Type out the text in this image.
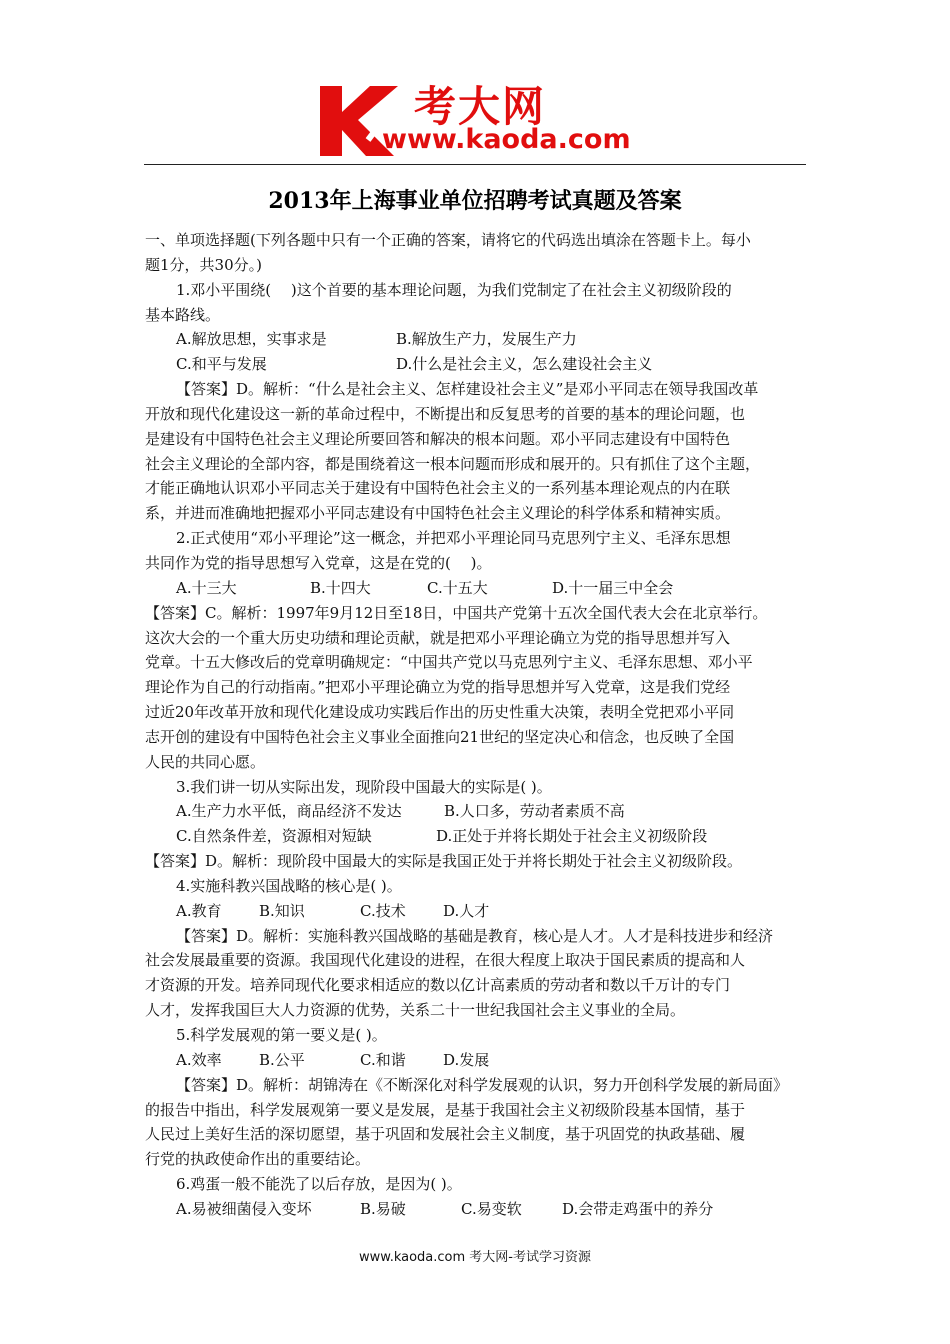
考大网
www.kaoda.com
2013年上海事业单位招聘考试真题及答案
一、单项选择题(下列各题中只有一个正确的答案，请将它的代码选出填涂在答题卡上。每小
题1分，共30分。)
1.邓小平围绕(　 )这个首要的基本理论问题，为我们党制定了在社会主义初级阶段的
基本路线。
A.解放思想，实事求是	B.解放生产力，发展生产力
C.和平与发展	D.什么是社会主义，怎么建设社会主义
【答案】D。解析：“什么是社会主义、怎样建设社会主义”是邓小平同志在领导我国改革
开放和现代化建设这一新的革命过程中，不断提出和反复思考的首要的基本的理论问题，也
是建设有中国特色社会主义理论所要回答和解决的根本问题。邓小平同志建设有中国特色
社会主义理论的全部内容，都是围绕着这一根本问题而形成和展开的。只有抓住了这个主题，
才能正确地认识邓小平同志关于建设有中国特色社会主义的一系列基本理论观点的内在联
系，并进而准确地把握邓小平同志建设有中国特色社会主义理论的科学体系和精神实质。
2.正式使用“邓小平理论”这一概念，并把邓小平理论同马克思列宁主义、毛泽东思想
共同作为党的指导思想写入党章，这是在党的(　 )。
A.十三大	B.十四大	C.十五大	D.十一届三中全会
【答案】C。解析：1997年9月12日至18日，中国共产党第十五次全国代表大会在北京举行。
这次大会的一个重大历史功绩和理论贡献，就是把邓小平理论确立为党的指导思想并写入
党章。十五大修改后的党章明确规定：“中国共产党以马克思列宁主义、毛泽东思想、邓小平
理论作为自己的行动指南。”把邓小平理论确立为党的指导思想并写入党章，这是我们党经
过近20年改革开放和现代化建设成功实践后作出的历史性重大决策，表明全党把邓小平同
志开创的建设有中国特色社会主义事业全面推向21世纪的坚定决心和信念，也反映了全国
人民的共同心愿。
3.我们讲一切从实际出发，现阶段中国最大的实际是( )。
A.生产力水平低，商品经济不发达	B.人口多，劳动者素质不高
C.自然条件差，资源相对短缺	D.正处于并将长期处于社会主义初级阶段
【答案】D。解析：现阶段中国最大的实际是我国正处于并将长期处于社会主义初级阶段。
4.实施科教兴国战略的核心是( )。
A.教育 B.知识	C.技术 D.人才
【答案】D。解析：实施科教兴国战略的基础是教育，核心是人才。人才是科技进步和经济
社会发展最重要的资源。我国现代化建设的进程，在很大程度上取决于国民素质的提高和人
才资源的开发。培养同现代化要求相适应的数以亿计高素质的劳动者和数以千万计的专门
人才，发挥我国巨大人力资源的优势，关系二十一世纪我国社会主义事业的全局。
5.科学发展观的第一要义是( )。
A.效率 B.公平	C.和谐 D.发展
【答案】D。解析：胡锦涛在《不断深化对科学发展观的认识，努力开创科学发展的新局面》
的报告中指出，科学发展观第一要义是发展，是基于我国社会主义初级阶段基本国情，基于
人民过上美好生活的深切愿望，基于巩固和发展社会主义制度，基于巩固党的执政基础、履
行党的执政使命作出的重要结论。
6.鸡蛋一般不能洗了以后存放，是因为( )。
A.易被细菌侵入变坏	B.易破	C.易变软	D.会带走鸡蛋中的养分
www.kaoda.com 考大网-考试学习资源
